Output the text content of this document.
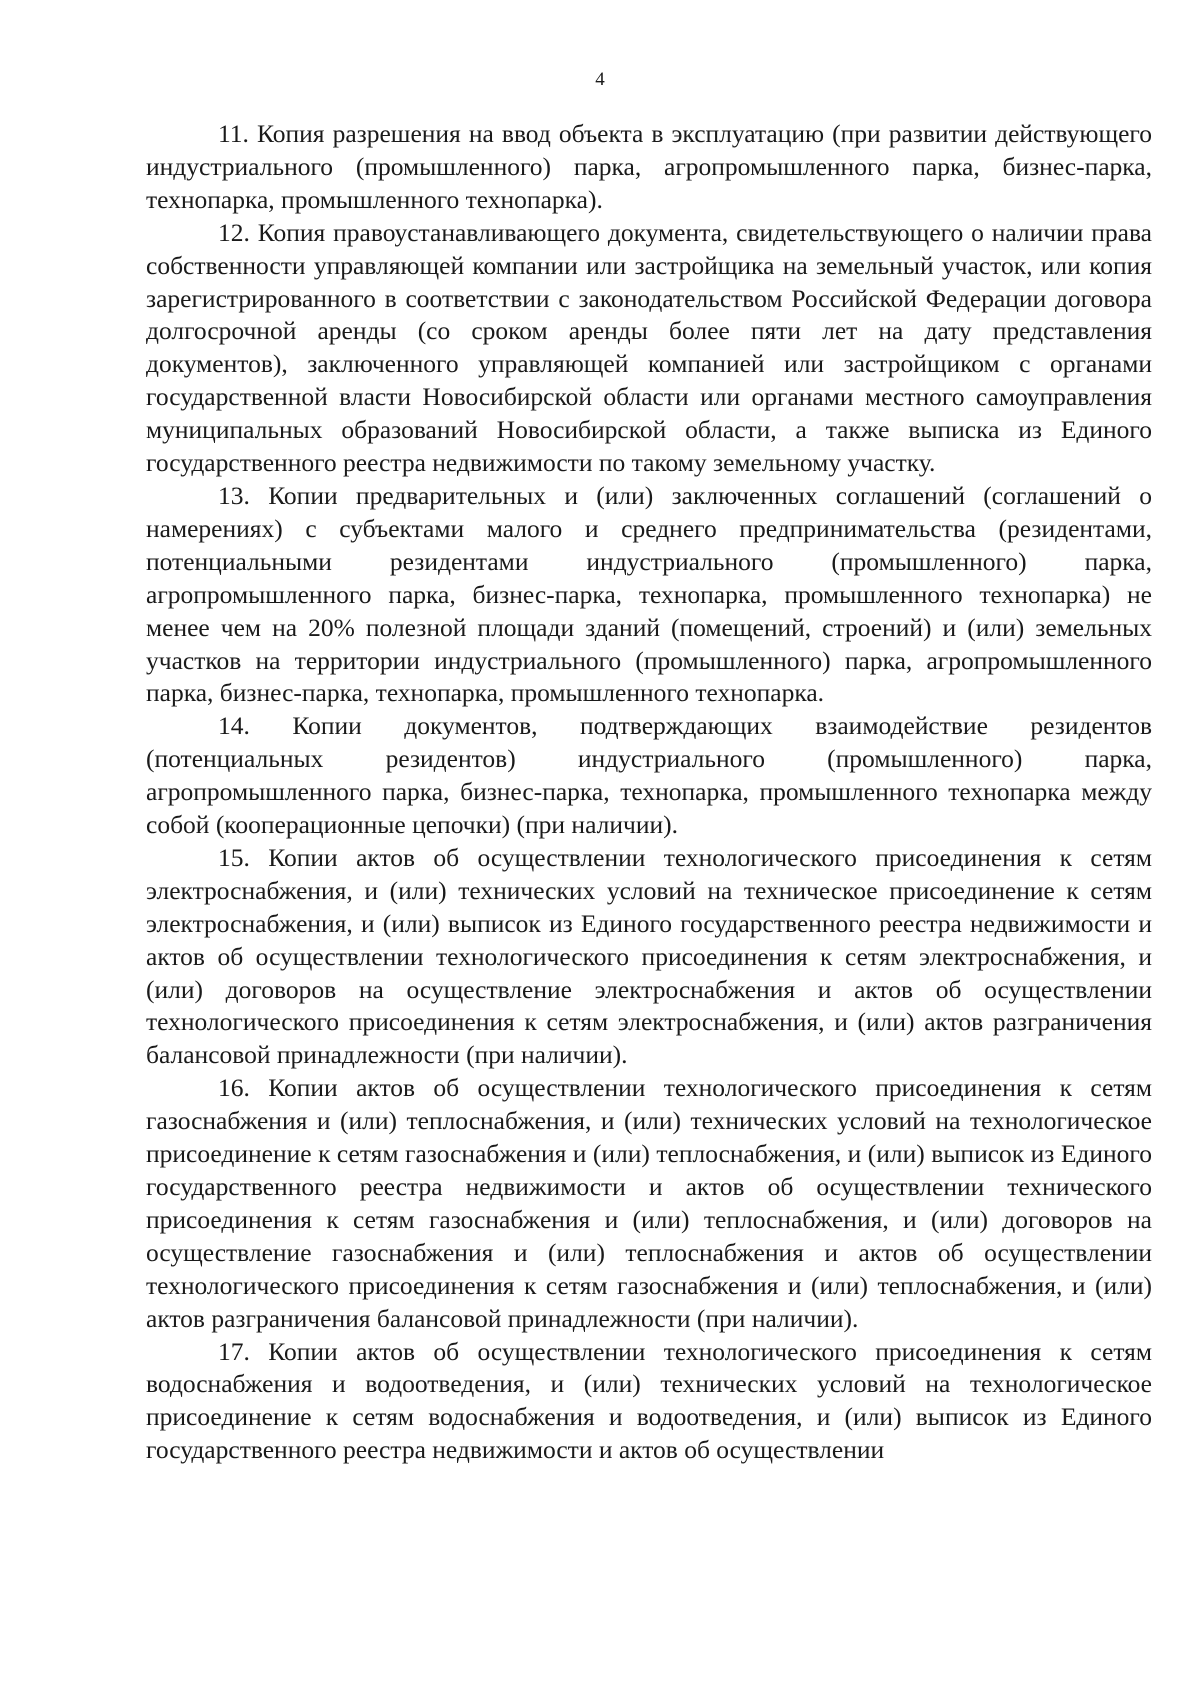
4

11. Копия разрешения на ввод объекта в эксплуатацию (при развитии действующего индустриального (промышленного) парка, агропромышленного парка, бизнес-парка, технопарка, промышленного технопарка).

12. Копия правоустанавливающего документа, свидетельствующего о наличии права собственности управляющей компании или застройщика на земельный участок, или копия зарегистрированного в соответствии с законодательством Российской Федерации договора долгосрочной аренды (со сроком аренды более пяти лет на дату представления документов), заключенного управляющей компанией или застройщиком с органами государственной власти Новосибирской области или органами местного самоуправления муниципальных образований Новосибирской области, а также выписка из Единого государственного реестра недвижимости по такому земельному участку.

13. Копии предварительных и (или) заключенных соглашений (соглашений о намерениях) с субъектами малого и среднего предпринимательства (резидентами, потенциальными резидентами индустриального (промышленного) парка, агропромышленного парка, бизнес-парка, технопарка, промышленного технопарка) не менее чем на 20% полезной площади зданий (помещений, строений) и (или) земельных участков на территории индустриального (промышленного) парка, агропромышленного парка, бизнес-парка, технопарка, промышленного технопарка.

14. Копии документов, подтверждающих взаимодействие резидентов (потенциальных резидентов) индустриального (промышленного) парка, агропромышленного парка, бизнес-парка, технопарка, промышленного технопарка между собой (кооперационные цепочки) (при наличии).

15. Копии актов об осуществлении технологического присоединения к сетям электроснабжения, и (или) технических условий на техническое присоединение к сетям электроснабжения, и (или) выписок из Единого государственного реестра недвижимости и актов об осуществлении технологического присоединения к сетям электроснабжения, и (или) договоров на осуществление электроснабжения и актов об осуществлении технологического присоединения к сетям электроснабжения, и (или) актов разграничения балансовой принадлежности (при наличии).

16. Копии актов об осуществлении технологического присоединения к сетям газоснабжения и (или) теплоснабжения, и (или) технических условий на технологическое присоединение к сетям газоснабжения и (или) теплоснабжения, и (или) выписок из Единого государственного реестра недвижимости и актов об осуществлении технического присоединения к сетям газоснабжения и (или) теплоснабжения, и (или) договоров на осуществление газоснабжения и (или) теплоснабжения и актов об осуществлении технологического присоединения к сетям газоснабжения и (или) теплоснабжения, и (или) актов разграничения балансовой принадлежности (при наличии).

17. Копии актов об осуществлении технологического присоединения к сетям водоснабжения и водоотведения, и (или) технических условий на технологическое присоединение к сетям водоснабжения и водоотведения, и (или) выписок из Единого государственного реестра недвижимости и актов об осуществлении
